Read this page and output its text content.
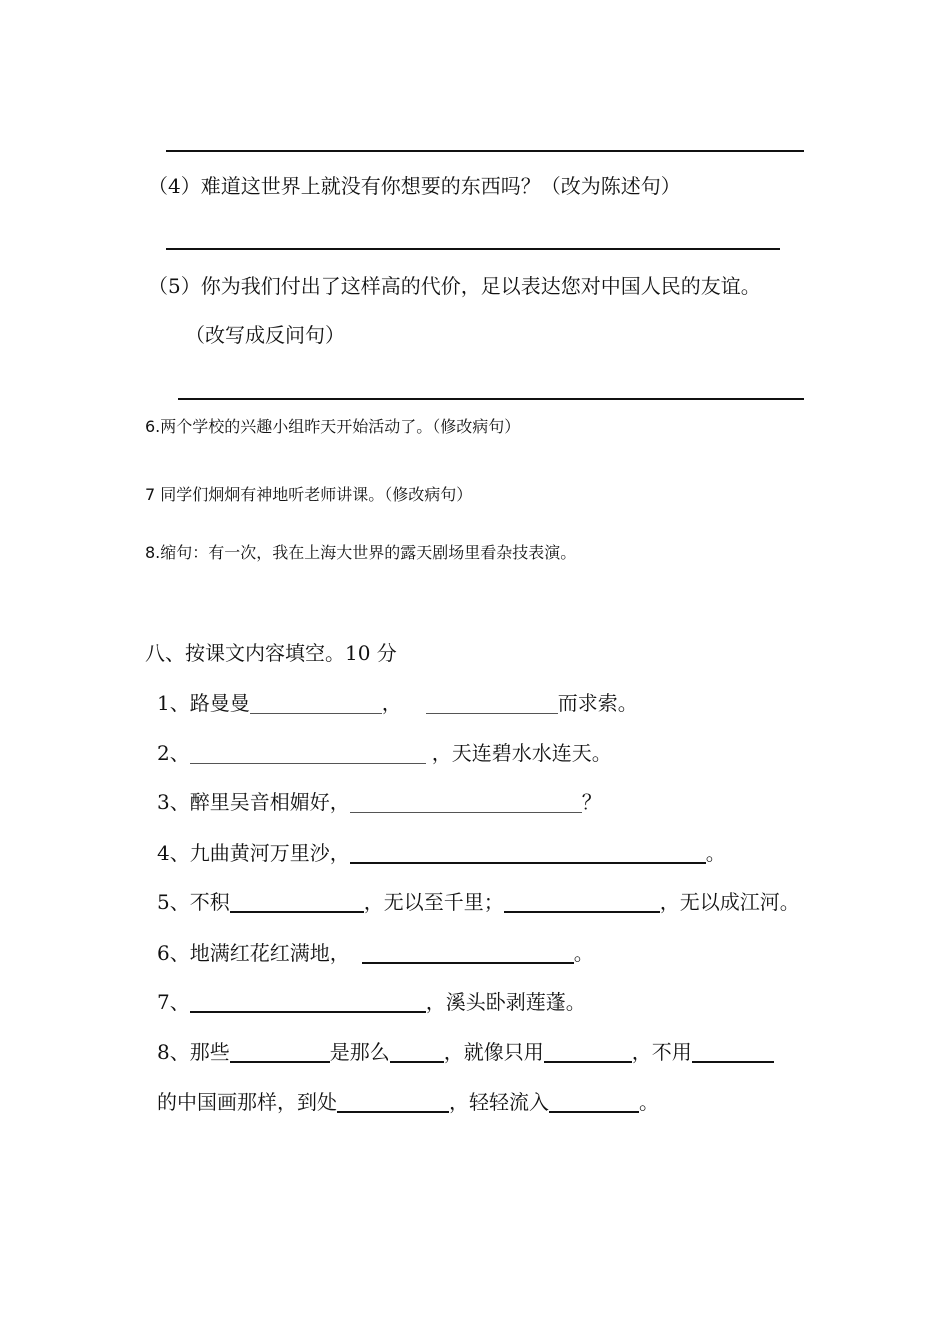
（4）难道这世界上就没有你想要的东西吗？（改为陈述句）
（5）你为我们付出了这样高的代价，足以表达您对中国人民的友谊。
（改写成反问句）
6.两个学校的兴趣小组昨天开始活动了。（修改病句）
7 同学们炯炯有神地听老师讲课。（修改病句）
8.缩句：有一次，我在上海大世界的露天剧场里看杂技表演。
八、按课文内容填空。10 分
1、路曼曼	，	而求索。
2、	，天连碧水水连天。
3、醉里吴音相媚好，	？
4、九曲黄河万里沙，	。
5、不积	，无以至千里；	，无以成江河。
6、地满红花红满地，	。
7、	，溪头卧剥莲蓬。
8、那些	是那么	，就像只用	，不用
的中国画那样，到处	，轻轻流入	。
